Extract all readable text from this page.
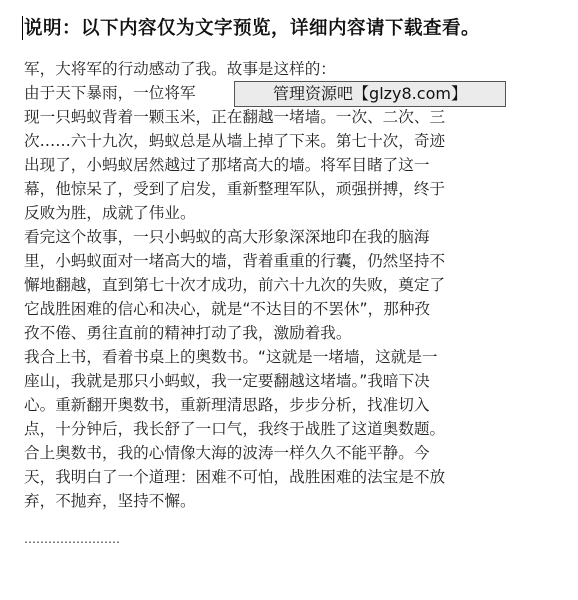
说明：以下内容仅为文字预览，详细内容请下载查看。
军，大将军的行动感动了我。故事是这样的：
由于天下暴雨，一位将军
现一只蚂蚁背着一颗玉米，正在翻越一堵墙。一次、二次、三
次……六十九次，蚂蚁总是从墙上掉了下来。第七十次，奇迹
出现了，小蚂蚁居然越过了那堵高大的墙。将军目睹了这一
幕，他惊呆了，受到了启发，重新整理军队，顽强拼搏，终于
反败为胜，成就了伟业。
看完这个故事，一只小蚂蚁的高大形象深深地印在我的脑海
里，小蚂蚁面对一堵高大的墙，背着重重的行囊，仍然坚持不
懈地翻越，直到第七十次才成功，前六十九次的失败，奠定了
它战胜困难的信心和决心，就是“不达目的不罢休”，那种孜
孜不倦、勇往直前的精神打动了我，激励着我。
我合上书，看着书桌上的奥数书。“这就是一堵墙，这就是一
座山，我就是那只小蚂蚁，我一定要翻越这堵墙。”我暗下决
心。重新翻开奥数书，重新理清思路，步步分析，找准切入
点，十分钟后，我长舒了一口气，我终于战胜了这道奥数题。
合上奥数书，我的心情像大海的波涛一样久久不能平静。今
天，我明白了一个道理：困难不可怕，战胜困难的法宝是不放
弃，不抛弃，坚持不懈。
管理资源吧【glzy8.com】
……………………
